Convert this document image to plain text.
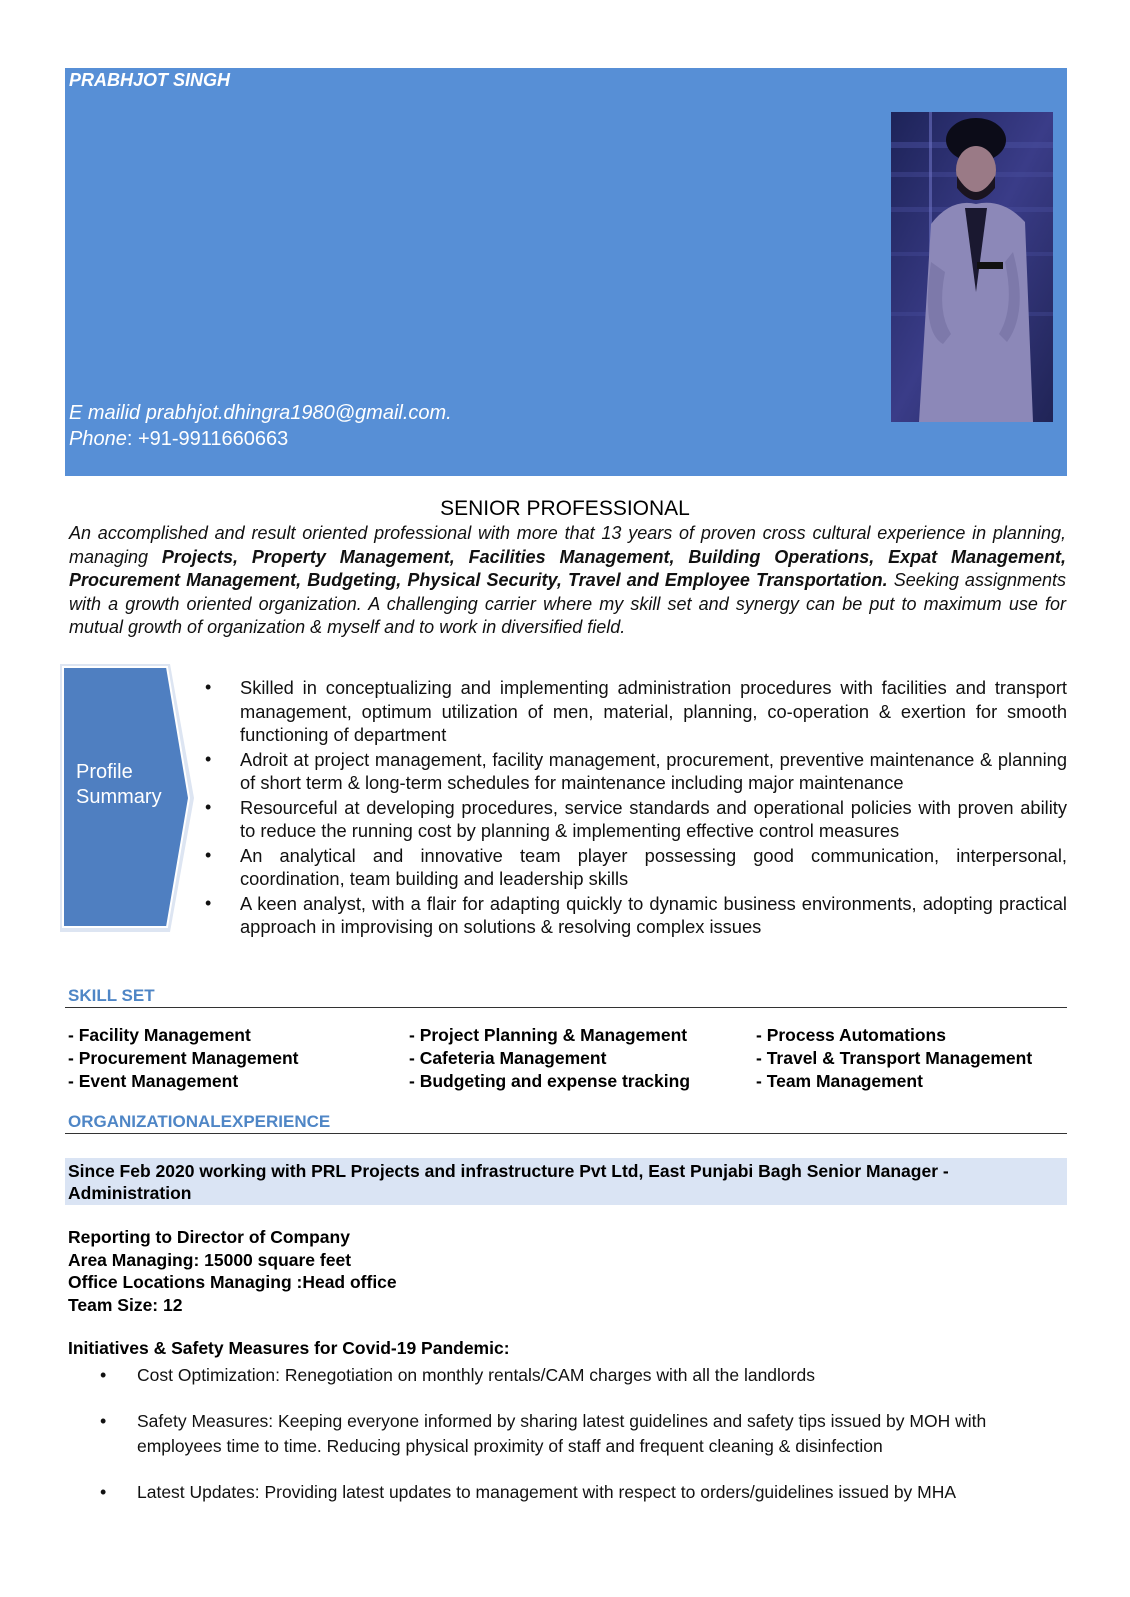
PRABHJOT SINGH
E mailid prabhjot.dhingra1980@gmail.com.
Phone: +91-9911660663
SENIOR PROFESSIONAL

An accomplished and result oriented professional with more that 13 years of proven cross cultural experience in planning, managing Projects, Property Management, Facilities Management, Building Operations, Expat Management, Procurement Management, Budgeting, Physical Security, Travel and Employee Transportation. Seeking assignments with a growth oriented organization. A challenging carrier where my skill set and synergy can be put to maximum use for mutual growth of organization & myself and to work in diversified field.

Profile
Summary
• Skilled in conceptualizing and implementing administration procedures with facilities and transport management, optimum utilization of men, material, planning, co-operation & exertion for smooth functioning of department
• Adroit at project management, facility management, procurement, preventive maintenance & planning of short term & long-term schedules for maintenance including major maintenance
• Resourceful at developing procedures, service standards and operational policies with proven ability to reduce the running cost by planning & implementing effective control measures
• An analytical and innovative team player possessing good communication, interpersonal, coordination, team building and leadership skills
• A keen analyst, with a flair for adapting quickly to dynamic business environments, adopting practical approach in improvising on solutions & resolving complex issues
SKILL SET
- Facility Management
- Procurement Management
- Event Management
- Project Planning & Management
- Cafeteria Management
- Budgeting and expense tracking
- Process Automations
- Travel & Transport Management
- Team Management
ORGANIZATIONALEXPERIENCE
Since Feb 2020 working with PRL Projects and infrastructure Pvt Ltd, East Punjabi Bagh Senior Manager - Administration
Reporting to Director of Company
Area Managing: 15000 square feet
Office Locations Managing :Head office
Team Size: 12
Initiatives & Safety Measures for Covid-19 Pandemic:
• Cost Optimization: Renegotiation on monthly rentals/CAM charges with all the landlords
• Safety Measures: Keeping everyone informed by sharing latest guidelines and safety tips issued by MOH with employees time to time. Reducing physical proximity of staff and frequent cleaning & disinfection
• Latest Updates: Providing latest updates to management with respect to orders/guidelines issued by MHA
